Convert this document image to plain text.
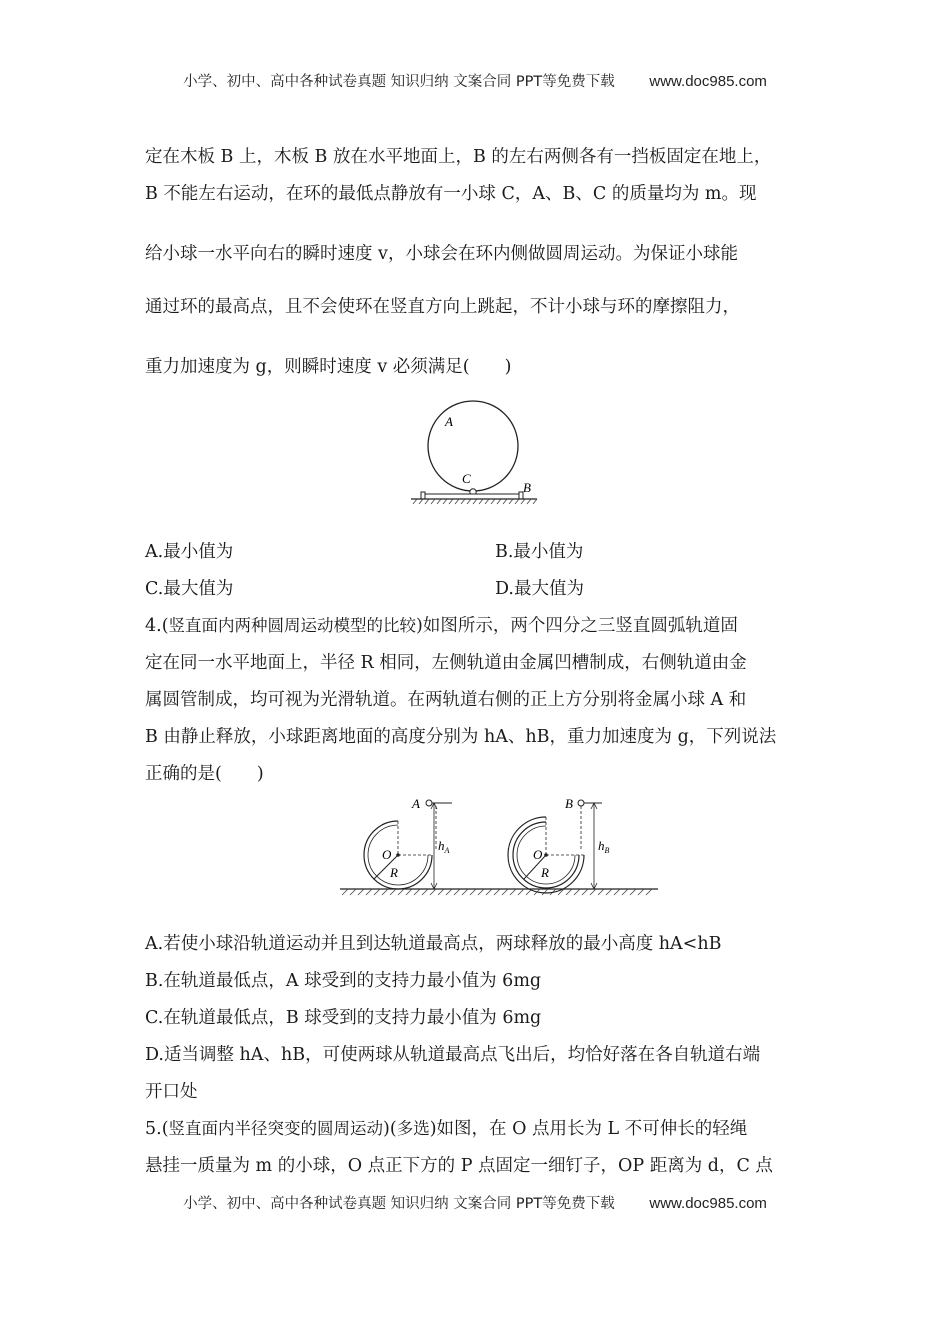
小学、初中、高中各种试卷真题 知识归纳 文案合同 PPT等免费下载 www.doc985.com
定在木板 B 上，木板 B 放在水平地面上，B 的左右两侧各有一挡板固定在地上，
B 不能左右运动，在环的最低点静放有一小球 C，A、B、C 的质量均为 m。现
给小球一水平向右的瞬时速度 v，小球会在环内侧做圆周运动。为保证小球能
通过环的最高点，且不会使环在竖直方向上跳起，不计小球与环的摩擦阻力，
重力加速度为 g，则瞬时速度 v 必须满足(　　)
A
C
B
A.最小值为	B.最小值为
C.最大值为	D.最大值为
4.(竖直面内两种圆周运动模型的比较)如图所示，两个四分之三竖直圆弧轨道固
定在同一水平地面上，半径 R 相同，左侧轨道由金属凹槽制成，右侧轨道由金
属圆管制成，均可视为光滑轨道。在两轨道右侧的正上方分别将金属小球 A 和
B 由静止释放，小球距离地面的高度分别为 hA、hB，重力加速度为 g，下列说法
正确的是(　　)
A
O
R
$h_A$
B
O
R
$h_B$
A.若使小球沿轨道运动并且到达轨道最高点，两球释放的最小高度 hA<hB
B.在轨道最低点，A 球受到的支持力最小值为 6mg
C.在轨道最低点，B 球受到的支持力最小值为 6mg
D.适当调整 hA、hB，可使两球从轨道最高点飞出后，均恰好落在各自轨道右端
开口处
5.(竖直面内半径突变的圆周运动)(多选)如图，在 O 点用长为 L 不可伸长的轻绳
悬挂一质量为 m 的小球，O 点正下方的 P 点固定一细钉子，OP 距离为 d，C 点
小学、初中、高中各种试卷真题 知识归纳 文案合同 PPT等免费下载 www.doc985.com
